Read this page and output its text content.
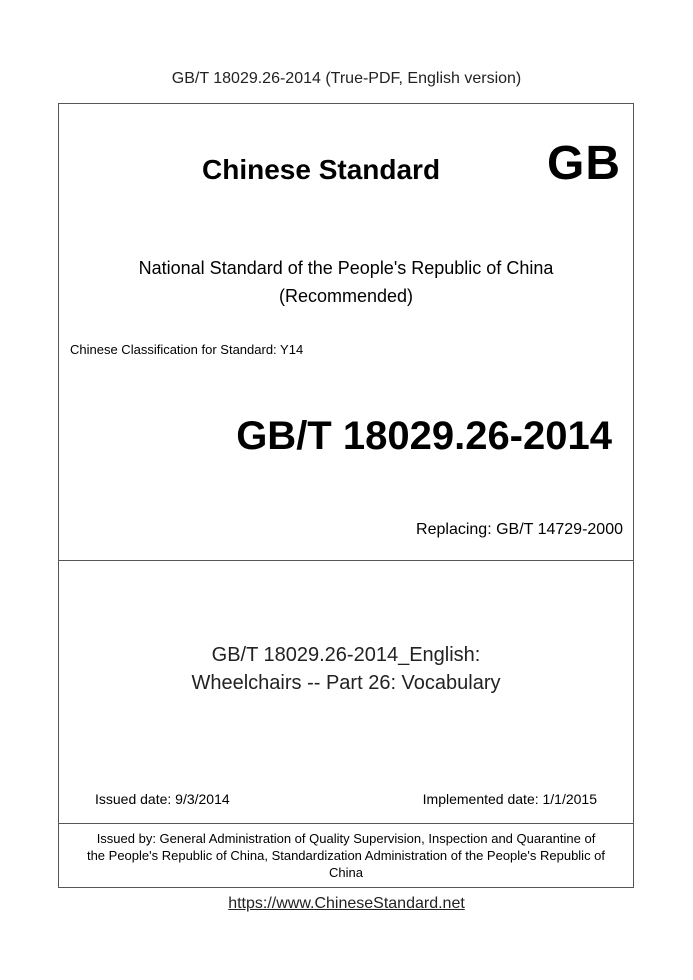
GB/T 18029.26-2014 (True-PDF, English version)
Chinese Standard GB
National Standard of the People's Republic of China
(Recommended)
Chinese Classification for Standard: Y14
GB/T 18029.26-2014
Replacing: GB/T 14729-2000
GB/T 18029.26-2014_English:
Wheelchairs -- Part 26: Vocabulary
Issued date: 9/3/2014	Implemented date: 1/1/2015
Issued by: General Administration of Quality Supervision, Inspection and Quarantine of
the People's Republic of China, Standardization Administration of the People's Republic of
China
https://www.ChineseStandard.net
